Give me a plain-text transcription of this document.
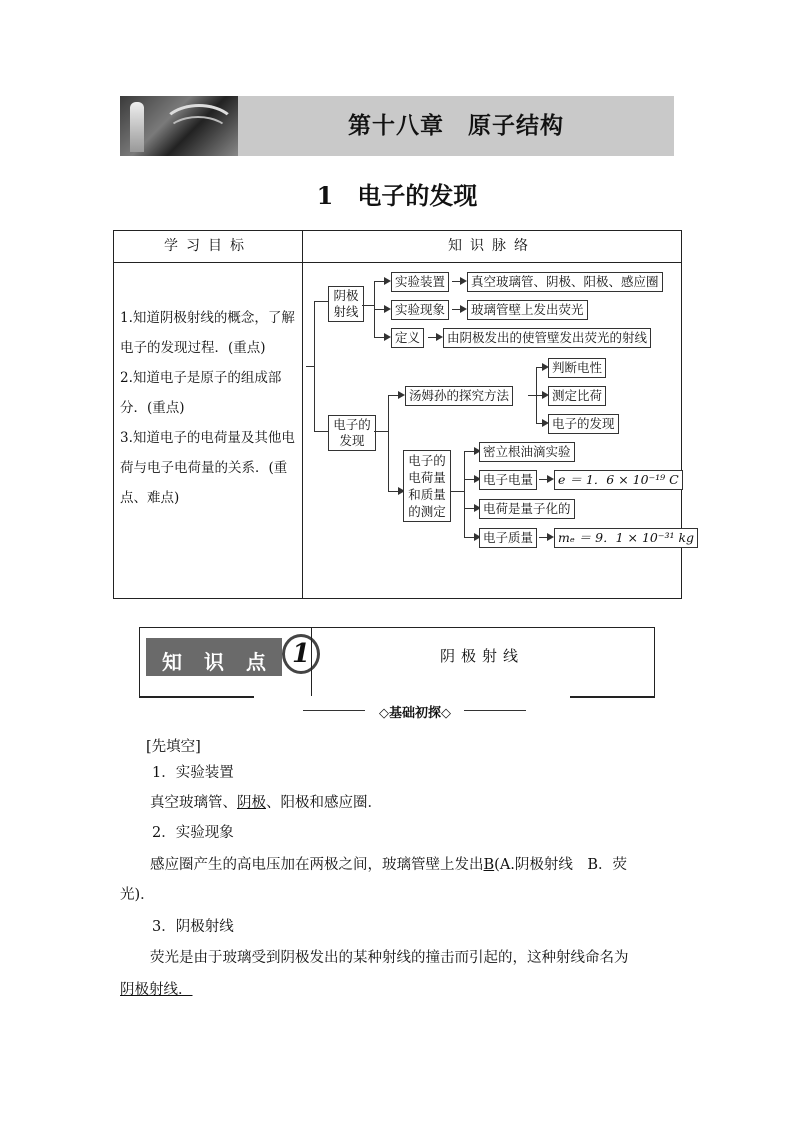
第十八章　原子结构
1　电子的发现
学习目标	知识脉络
1.知道阴极射线的概念，了解电子的发现过程．(重点)
2.知道电子是原子的组成部分．(重点)
3.知道电子的电荷量及其他电荷与电子电荷量的关系．(重点、难点)
阴极射线
实验装置
实验现象
定义
真空玻璃管、阴极、阳极、感应圈
玻璃管壁上发出荧光
由阴极发出的使管壁发出荧光的射线
电子的发现
汤姆孙的探究方法
判断电性
测定比荷
电子的发现
电子的电荷量和质量的测定
密立根油滴实验
电子电量
电荷是量子化的
电子质量
e ＝ 1．6 × 10⁻¹⁹ C
mₑ ＝ 9．1 × 10⁻³¹ kg
知 识 点 1	阴极射线
◇基础初探◇
[先填空]
1．实验装置
真空玻璃管、阴极、阳极和感应圈．
2．实验现象
感应圈产生的高电压加在两极之间，玻璃管壁上发出B(A.阴极射线　B．荧
光)．
3．阴极射线
荧光是由于玻璃受到阴极发出的某种射线的撞击而引起的，这种射线命名为
阴极射线．
